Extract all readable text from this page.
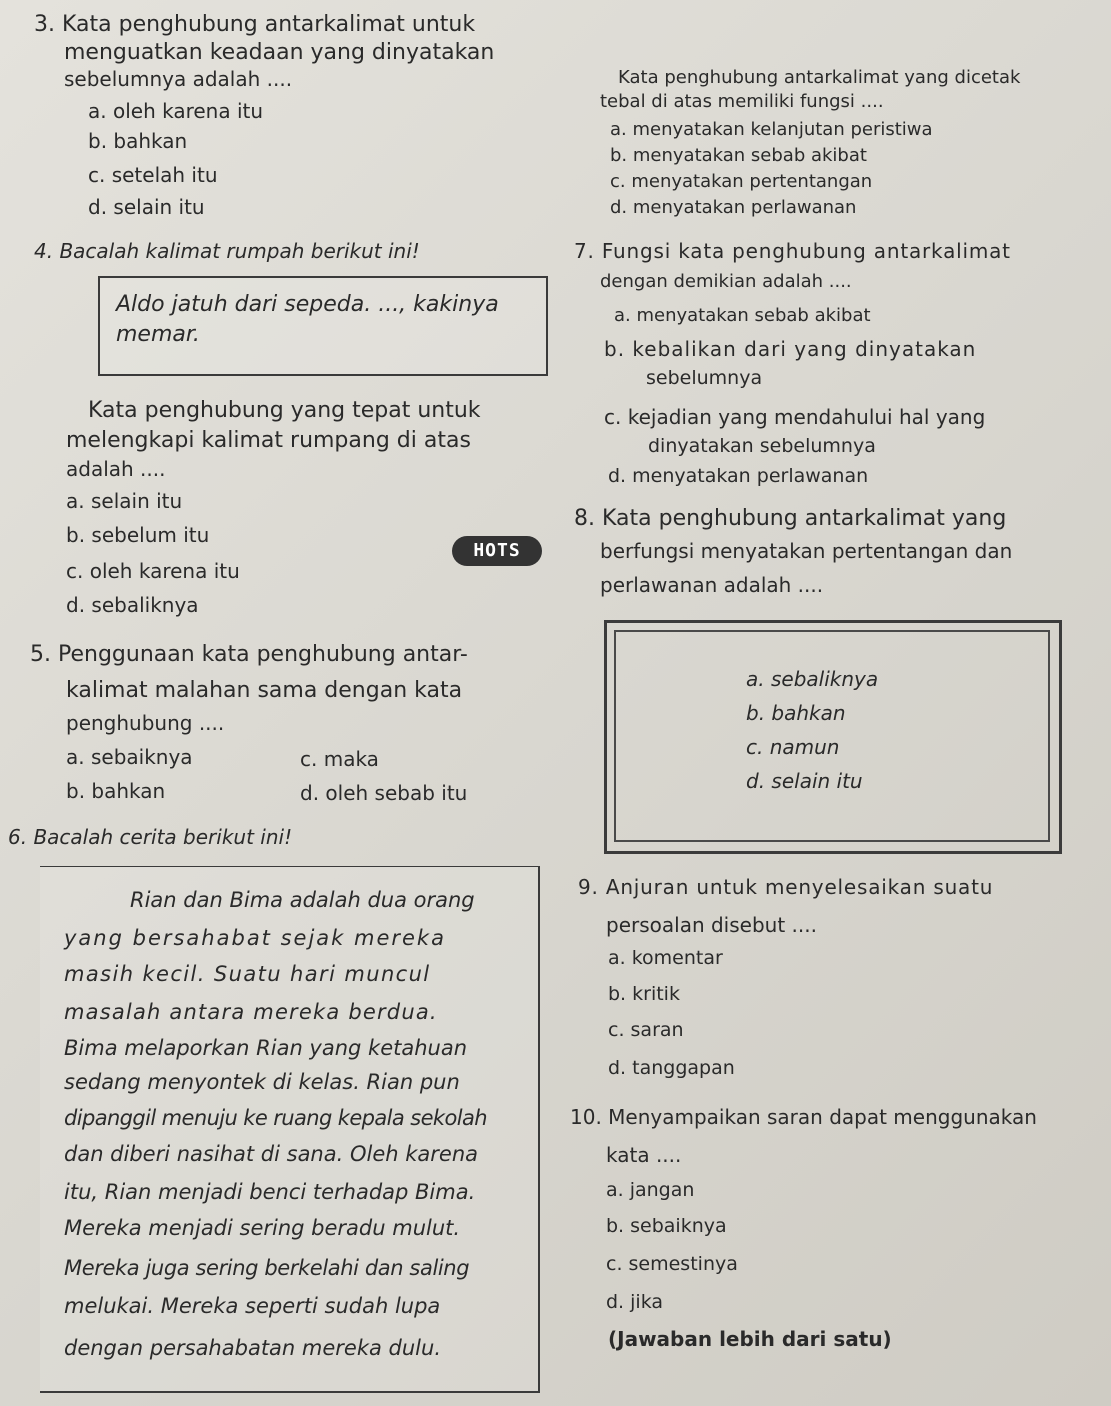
3. Kata penghubung antarkalimat untuk
menguatkan keadaan yang dinyatakan
sebelumnya adalah ....
a. oleh karena itu
b. bahkan
c. setelah itu
d. selain itu
4. Bacalah kalimat rumpah berikut ini!
Aldo jatuh dari sepeda. ..., kakinya
memar.
Kata penghubung yang tepat untuk
melengkapi kalimat rumpang di atas
adalah ....
a. selain itu
b. sebelum itu
c. oleh karena itu
d. sebaliknya
HOTS
5. Penggunaan kata penghubung antar-
kalimat malahan sama dengan kata
penghubung ....
a. sebaiknya	c. maka
b. bahkan	d. oleh sebab itu
6. Bacalah cerita berikut ini!
Rian dan Bima adalah dua orang
yang bersahabat sejak mereka
masih kecil. Suatu hari muncul
masalah antara mereka berdua.
Bima melaporkan Rian yang ketahuan
sedang menyontek di kelas. Rian pun
dipanggil menuju ke ruang kepala sekolah
dan diberi nasihat di sana. Oleh karena
itu, Rian menjadi benci terhadap Bima.
Mereka menjadi sering beradu mulut.
Mereka juga sering berkelahi dan saling
melukai. Mereka seperti sudah lupa
dengan persahabatan mereka dulu.
Kata penghubung antarkalimat yang dicetak
tebal di atas memiliki fungsi ....
a. menyatakan kelanjutan peristiwa
b. menyatakan sebab akibat
c. menyatakan pertentangan
d. menyatakan perlawanan
7. Fungsi kata penghubung antarkalimat
dengan demikian adalah ....
a. menyatakan sebab akibat
b. kebalikan dari yang dinyatakan
sebelumnya
c. kejadian yang mendahului hal yang
dinyatakan sebelumnya
d. menyatakan perlawanan
8. Kata penghubung antarkalimat yang
berfungsi menyatakan pertentangan dan
perlawanan adalah ....
a. sebaliknya
b. bahkan
c. namun
d. selain itu
9. Anjuran untuk menyelesaikan suatu
persoalan disebut ....
a. komentar
b. kritik
c. saran
d. tanggapan
10. Menyampaikan saran dapat menggunakan
kata ....
a. jangan
b. sebaiknya
c. semestinya
d. jika
(Jawaban lebih dari satu)
